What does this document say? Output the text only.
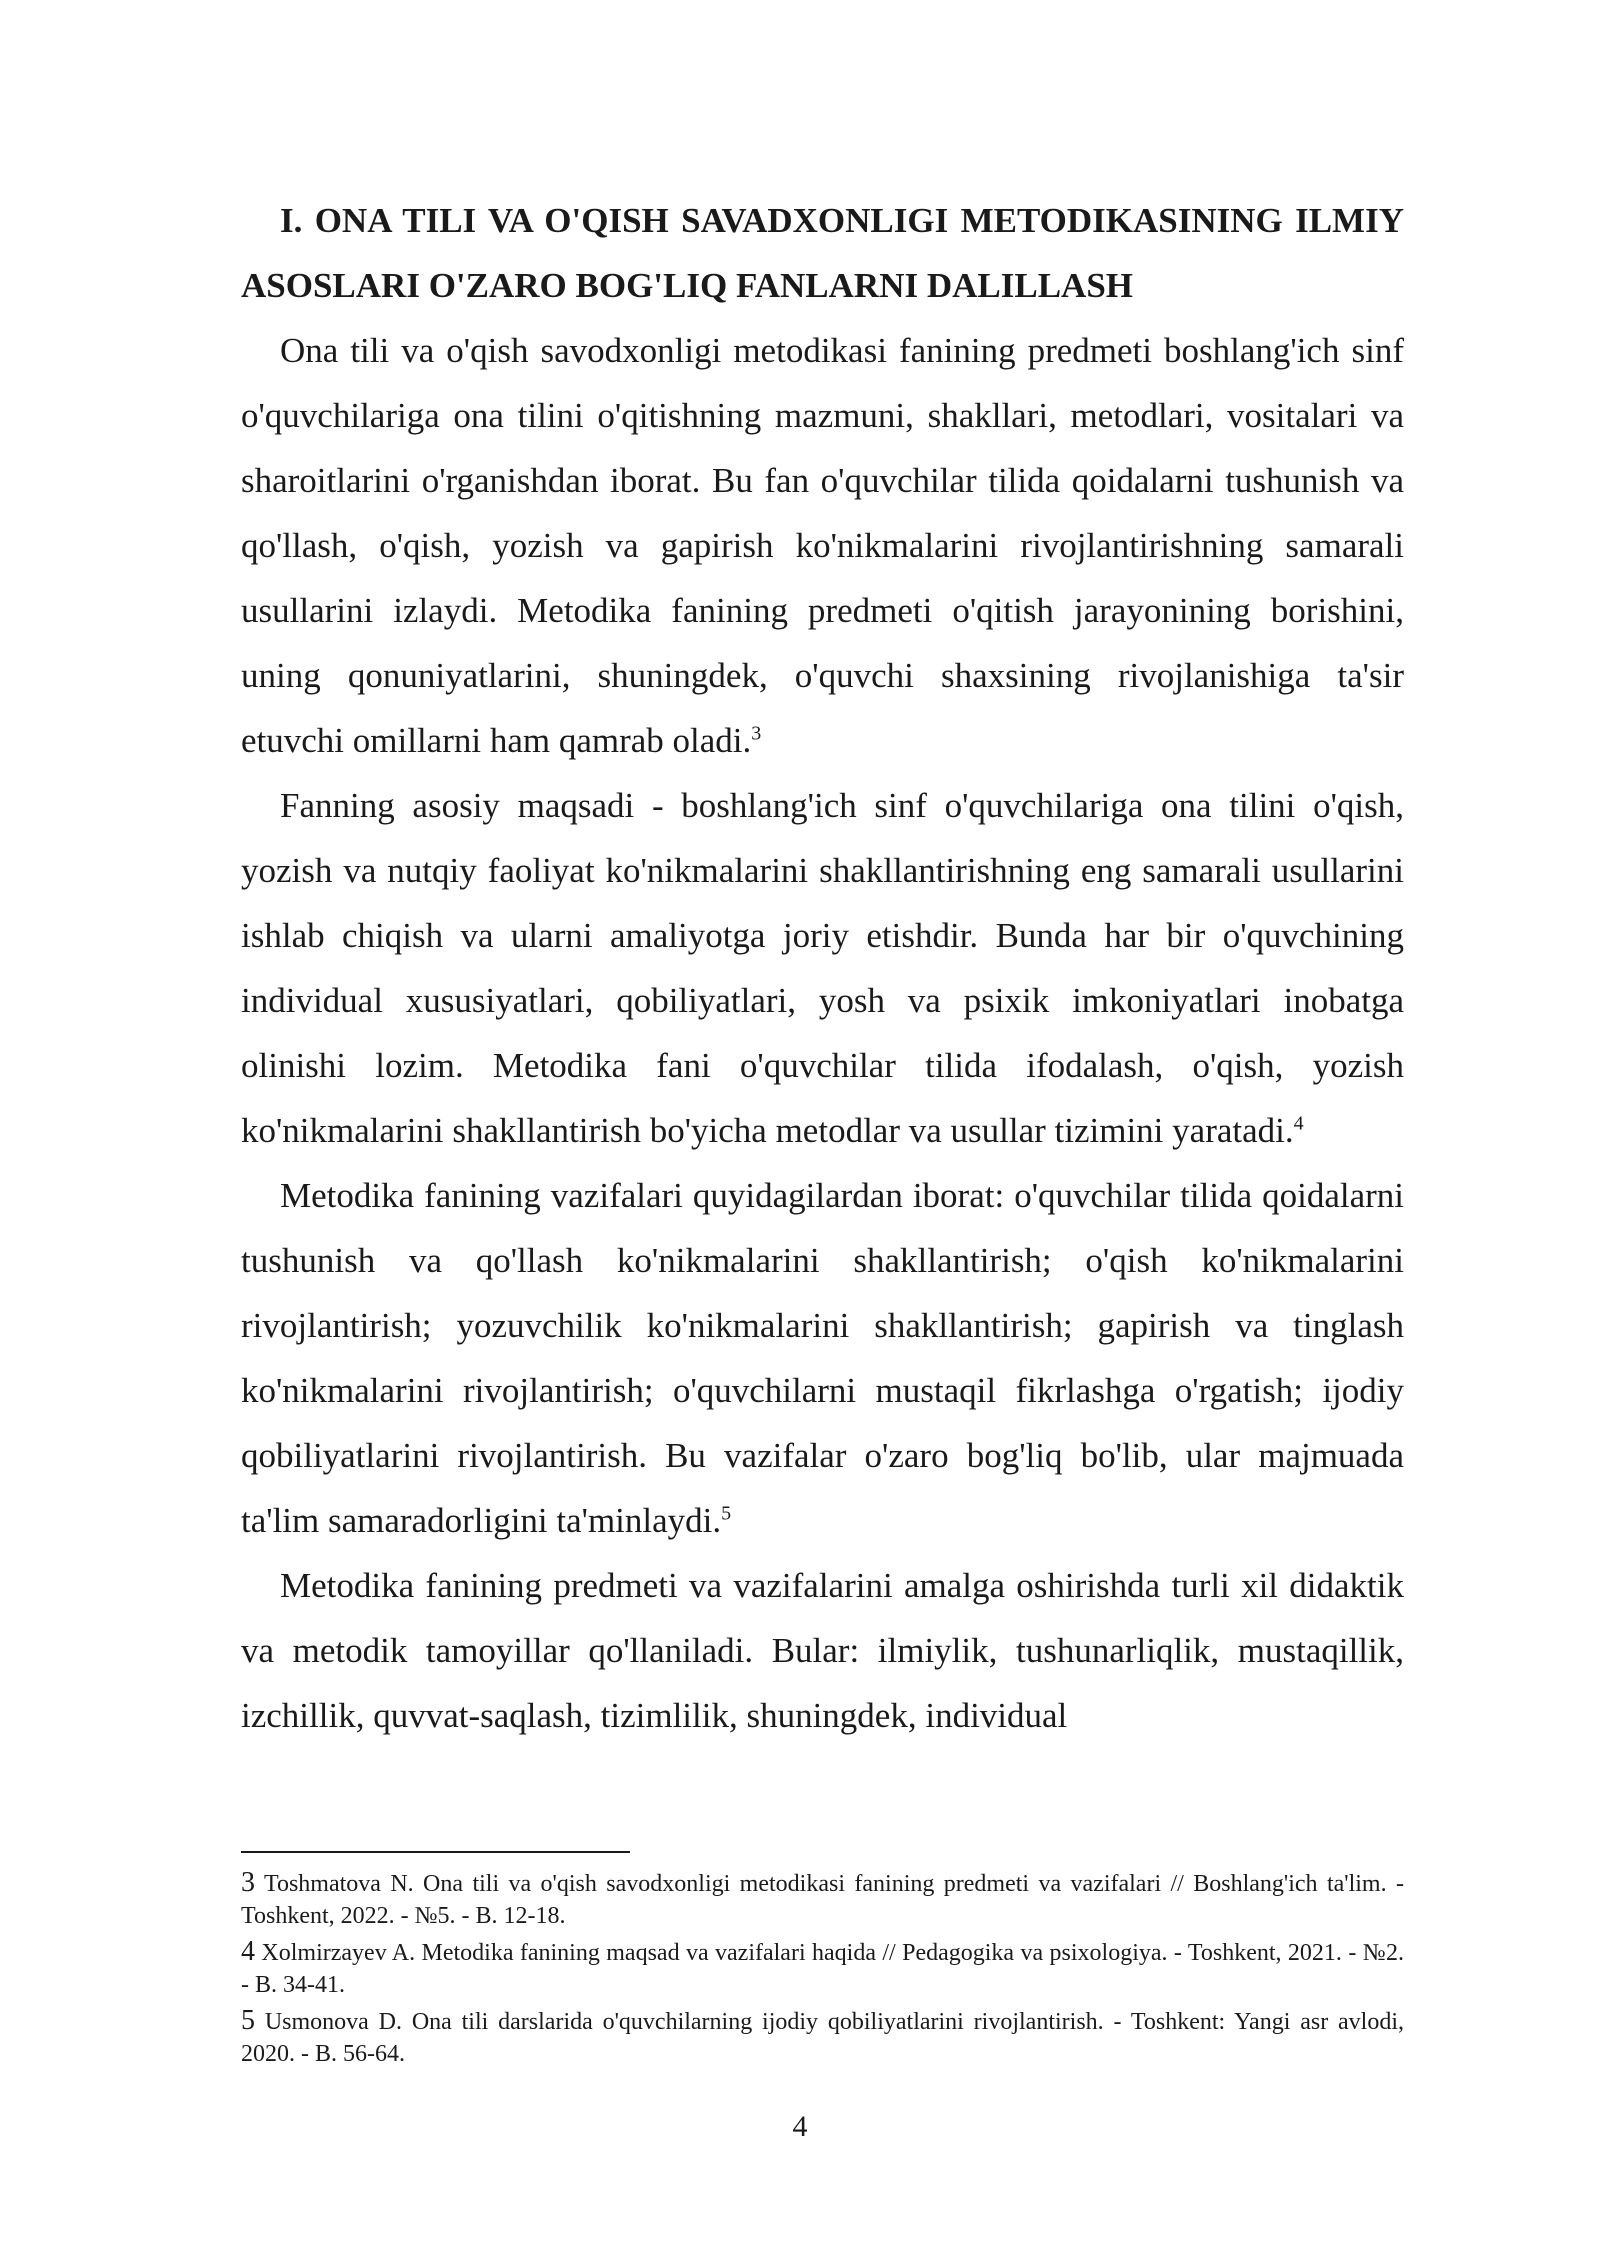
I. ONA TILI VA O'QISH SAVADXONLIGI METODIKASINING ILMIY ASOSLARI O'ZARO BOG'LIQ FANLARNI DALILLASH

Ona tili va o'qish savodxonligi metodikasi fanining predmeti boshlang'ich sinf o'quvchilariga ona tilini o'qitishning mazmuni, shakllari, metodlari, vositalari va sharoitlarini o'rganishdan iborat. Bu fan o'quvchilar tilida qoidalarni tushunish va qo'llash, o'qish, yozish va gapirish ko'nikmalarini rivojlantirishning samarali usullarini izlaydi. Metodika fanining predmeti o'qitish jarayonining borishini, uning qonuniyatlarini, shuningdek, o'quvchi shaxsining rivojlanishiga ta'sir etuvchi omillarni ham qamrab oladi.$^3$

Fanning asosiy maqsadi - boshlang'ich sinf o'quvchilariga ona tilini o'qish, yozish va nutqiy faoliyat ko'nikmalarini shakllantirishning eng samarali usullarini ishlab chiqish va ularni amaliyotga joriy etishdir. Bunda har bir o'quvchining individual xususiyatlari, qobiliyatlari, yosh va psixik imkoniyatlari inobatga olinishi lozim. Metodika fani o'quvchilar tilida ifodalash, o'qish, yozish ko'nikmalarini shakllantirish bo'yicha metodlar va usullar tizimini yaratadi.$^4$

Metodika fanining vazifalari quyidagilardan iborat: o'quvchilar tilida qoidalarni tushunish va qo'llash ko'nikmalarini shakllantirish; o'qish ko'nikmalarini rivojlantirish; yozuvchilik ko'nikmalarini shakllantirish; gapirish va tinglash ko'nikmalarini rivojlantirish; o'quvchilarni mustaqil fikrlashga o'rgatish; ijodiy qobiliyatlarini rivojlantirish. Bu vazifalar o'zaro bog'liq bo'lib, ular majmuada ta'lim samaradorligini ta'minlaydi.$^5$

Metodika fanining predmeti va vazifalarini amalga oshirishda turli xil didaktik va metodik tamoyillar qo'llaniladi. Bular: ilmiylik, tushunarliqlik, mustaqillik, izchillik, quvvat-saqlash, tizimlilik, shuningdek, individual

3 Toshmatova N. Ona tili va o'qish savodxonligi metodikasi fanining predmeti va vazifalari // Boshlang'ich ta'lim. - Toshkent, 2022. - №5. - B. 12-18.

4 Xolmirzayev A. Metodika fanining maqsad va vazifalari haqida // Pedagogika va psixologiya. - Toshkent, 2021. - №2. - B. 34-41.

5 Usmonova D. Ona tili darslarida o'quvchilarning ijodiy qobiliyatlarini rivojlantirish. - Toshkent: Yangi asr avlodi, 2020. - B. 56-64.

4
